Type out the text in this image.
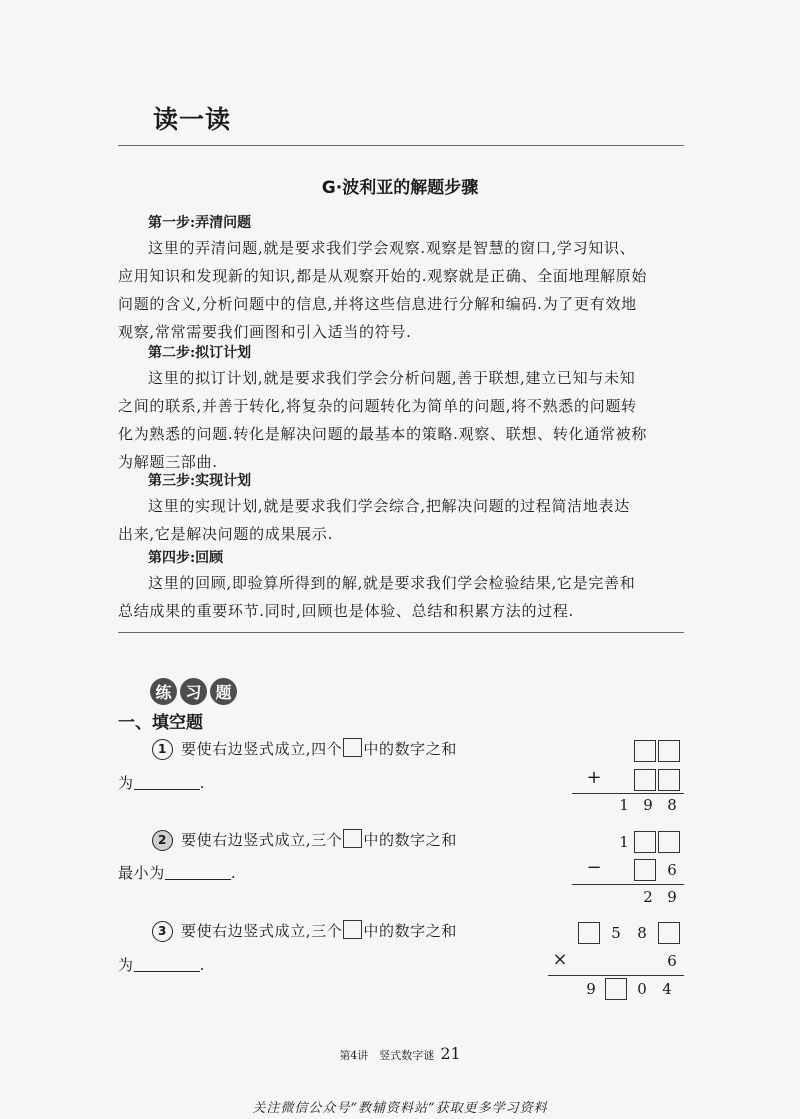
读一读
G·波利亚的解题步骤
第一步:弄清问题
这里的弄清问题,就是要求我们学会观察.观察是智慧的窗口,学习知识、
应用知识和发现新的知识,都是从观察开始的.观察就是正确、全面地理解原始
问题的含义,分析问题中的信息,并将这些信息进行分解和编码.为了更有效地
观察,常常需要我们画图和引入适当的符号.
第二步:拟订计划
这里的拟订计划,就是要求我们学会分析问题,善于联想,建立已知与未知
之间的联系,并善于转化,将复杂的问题转化为简单的问题,将不熟悉的问题转
化为熟悉的问题.转化是解决问题的最基本的策略.观察、联想、转化通常被称
为解题三部曲.
第三步:实现计划
这里的实现计划,就是要求我们学会综合,把解决问题的过程简洁地表达
出来,它是解决问题的成果展示.
第四步:回顾
这里的回顾,即验算所得到的解,就是要求我们学会检验结果,它是完善和
总结成果的重要环节.同时,回顾也是体验、总结和积累方法的过程.
练 习 题
一、填空题
1 要使右边竖式成立,四个 中的数字之和
为	.
2 要使右边竖式成立,三个 中的数字之和
最小为	.
3 要使右边竖式成立,三个 中的数字之和
为	.
+
1 9 8
1
−	6
2 9
5	8
×	6
9	0	4
第4讲　竖式数字谜 21
关注微信公众号“教辅资料站”获取更多学习资料
